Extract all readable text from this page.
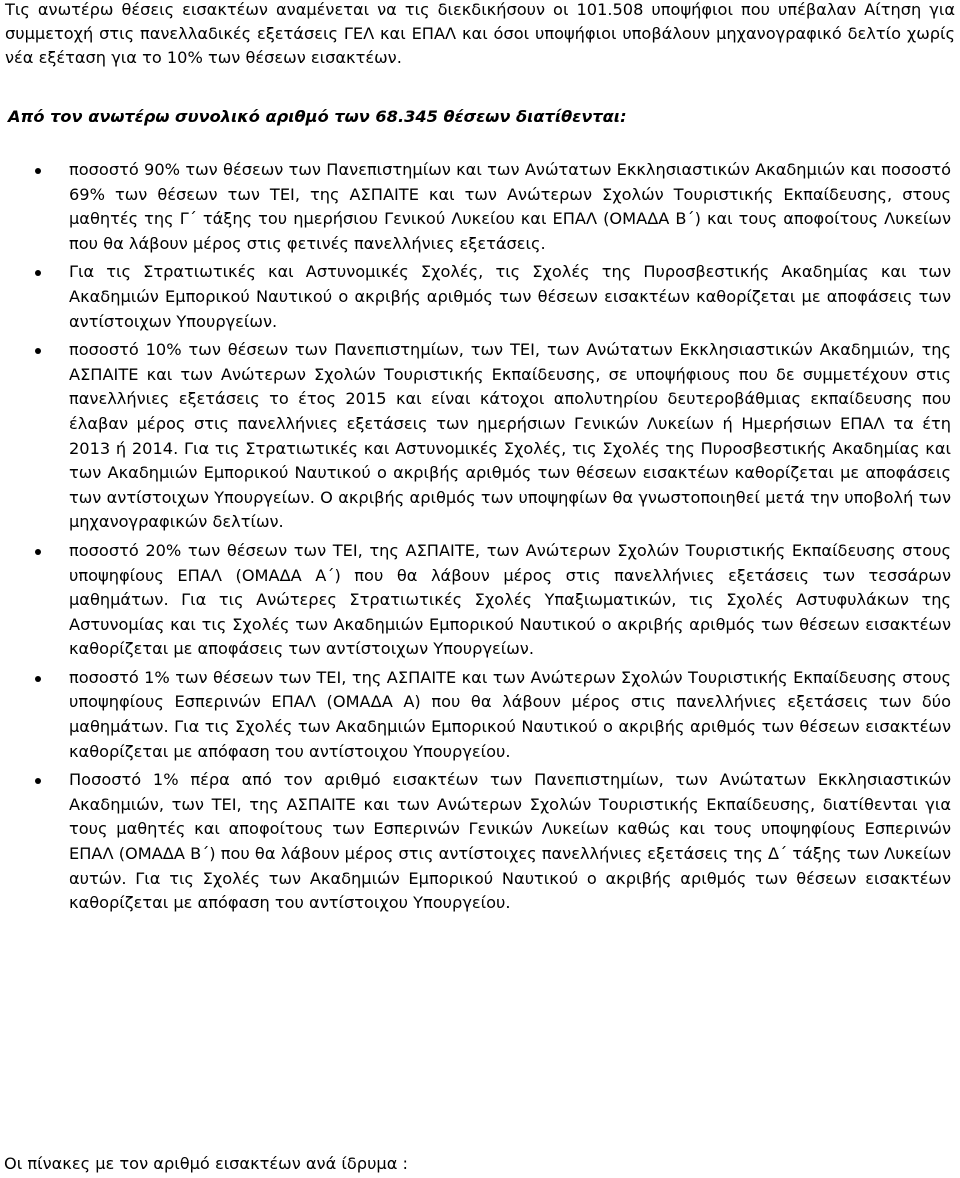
Τις ανωτέρω θέσεις εισακτέων αναμένεται να τις διεκδικήσουν οι 101.508 υποψήφιοι που υπέβαλαν Αίτηση για συμμετοχή στις πανελλαδικές εξετάσεις ΓΕΛ και ΕΠΑΛ και όσοι υποψήφιοι υποβάλουν μηχανογραφικό δελτίο χωρίς νέα εξέταση για το 10% των θέσεων εισακτέων.

Από τον ανωτέρω συνολικό αριθμό των 68.345 θέσεων διατίθενται:

ποσοστό 90% των θέσεων των Πανεπιστημίων και των Ανώτατων Εκκλησιαστικών Ακαδημιών και ποσοστό 69% των θέσεων των ΤΕΙ, της ΑΣΠΑΙΤΕ και των Ανώτερων Σχολών Τουριστικής Εκπαίδευσης, στους μαθητές της Γ΄ τάξης του ημερήσιου Γενικού Λυκείου και ΕΠΑΛ (ΟΜΑΔΑ Β΄) και τους αποφοίτους Λυκείων που θα λάβουν μέρος στις φετινές πανελλήνιες εξετάσεις.
Για τις Στρατιωτικές και Αστυνομικές Σχολές, τις Σχολές της Πυροσβεστικής Ακαδημίας και των Ακαδημιών Εμπορικού Ναυτικού ο ακριβής αριθμός των θέσεων εισακτέων καθορίζεται με αποφάσεις των αντίστοιχων Υπουργείων.
ποσοστό 10% των θέσεων των Πανεπιστημίων, των ΤΕΙ, των Ανώτατων Εκκλησιαστικών Ακαδημιών, της ΑΣΠΑΙΤΕ και των Ανώτερων Σχολών Τουριστικής Εκπαίδευσης, σε υποψήφιους που δε συμμετέχουν στις πανελλήνιες εξετάσεις το έτος 2015 και είναι κάτοχοι απολυτηρίου δευτεροβάθμιας εκπαίδευσης που έλαβαν μέρος στις πανελλήνιες εξετάσεις των ημερήσιων Γενικών Λυκείων ή Ημερήσιων ΕΠΑΛ τα έτη 2013 ή 2014. Για τις Στρατιωτικές και Αστυνομικές Σχολές, τις Σχολές της Πυροσβεστικής Ακαδημίας και των Ακαδημιών Εμπορικού Ναυτικού ο ακριβής αριθμός των θέσεων εισακτέων καθορίζεται με αποφάσεις των αντίστοιχων Υπουργείων. Ο ακριβής αριθμός των υποψηφίων θα γνωστοποιηθεί μετά την υποβολή των μηχανογραφικών δελτίων.
ποσοστό 20% των θέσεων των ΤΕΙ, της ΑΣΠΑΙΤΕ, των Ανώτερων Σχολών Τουριστικής Εκπαίδευσης στους υποψηφίους ΕΠΑΛ (ΟΜΑΔΑ Α΄) που θα λάβουν μέρος στις πανελλήνιες εξετάσεις των τεσσάρων μαθημάτων. Για τις Ανώτερες Στρατιωτικές Σχολές Υπαξιωματικών, τις Σχολές Αστυφυλάκων της Αστυνομίας και τις Σχολές των Ακαδημιών Εμπορικού Ναυτικού ο ακριβής αριθμός των θέσεων εισακτέων καθορίζεται με αποφάσεις των αντίστοιχων Υπουργείων.
ποσοστό 1% των θέσεων των ΤΕΙ, της ΑΣΠΑΙΤΕ και των Ανώτερων Σχολών Τουριστικής Εκπαίδευσης στους υποψηφίους Εσπερινών ΕΠΑΛ (ΟΜΑΔΑ Α) που θα λάβουν μέρος στις πανελλήνιες εξετάσεις των δύο μαθημάτων. Για τις Σχολές των Ακαδημιών Εμπορικού Ναυτικού ο ακριβής αριθμός των θέσεων εισακτέων καθορίζεται με απόφαση του αντίστοιχου Υπουργείου.
Ποσοστό 1% πέρα από τον αριθμό εισακτέων των Πανεπιστημίων, των Ανώτατων Εκκλησιαστικών Ακαδημιών, των ΤΕΙ, της ΑΣΠΑΙΤΕ και των Ανώτερων Σχολών Τουριστικής Εκπαίδευσης, διατίθενται για τους μαθητές και αποφοίτους των Εσπερινών Γενικών Λυκείων καθώς και τους υποψηφίους Εσπερινών ΕΠΑΛ (ΟΜΑΔΑ Β΄) που θα λάβουν μέρος στις αντίστοιχες πανελλήνιες εξετάσεις της Δ΄ τάξης των Λυκείων αυτών. Για τις Σχολές των Ακαδημιών Εμπορικού Ναυτικού ο ακριβής αριθμός των θέσεων εισακτέων καθορίζεται με απόφαση του αντίστοιχου Υπουργείου.

Οι πίνακες με τον αριθμό εισακτέων ανά ίδρυμα :
